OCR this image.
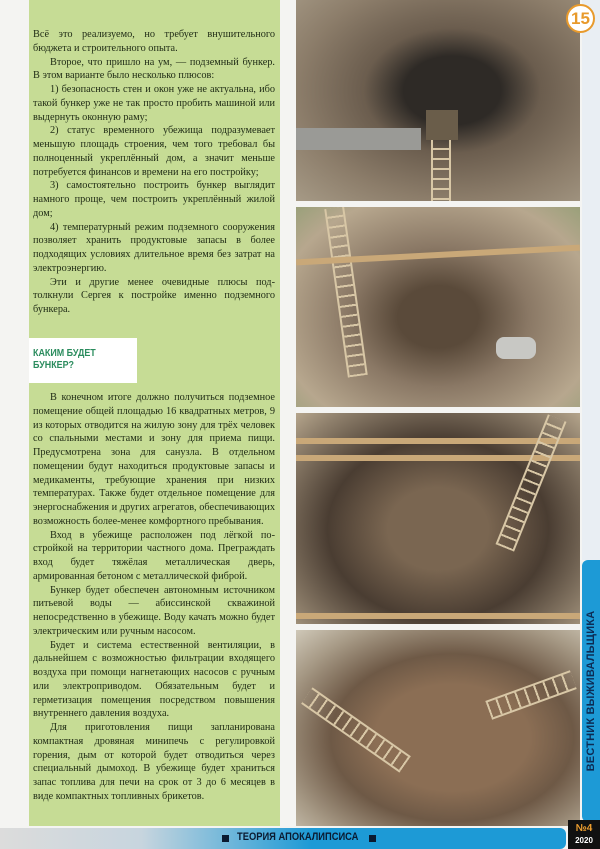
Всё это реализуемо, но требует внушительного бюджета и строительного опыта.

Второе, что пришло на ум, — подземный бункер. В этом варианте было несколько плюсов:

1) безопасность стен и окон уже не актуальна, ибо такой бункер уже не так просто пробить машиной или выдернуть оконную раму;

2) статус временного убежища подразумевает меньшую площадь строения, чем того требовал бы полноценный укреплённый дом, а значит меньше потребуется финансов и времени на его постройку;

3) самостоятельно построить бункер выглядит намного проще, чем построить укреплённый жилой дом;

4) температурный режим подземного сооружения позволяет хранить продуктовые запасы в более подходящих условиях длительное время без затрат на электроэнергию.

Эти и другие менее очевидные плюсы подтолкнули Сергея к постройке именно подземного бункера.

КАКИМ БУДЕТ
БУНКЕР?

В конечном итоге должно получиться подземное помещение общей площадью 16 квадратных метров, 9 из которых отводится на жилую зону для трёх человек со спальными местами и зону для приема пищи. Предусмотрена зона для санузла. В отдельном помещении будут находиться продуктовые запасы и медикаменты, требующие хранения при низких температурах. Также будет отдельное помещение для энергоснабжения и других агрегатов, обеспечивающих возможность более-менее комфортного пребывания.

Вход в убежище расположен под лёгкой постройкой на территории частного дома. Преграждать вход будет тяжёлая металлическая дверь, армированная бетоном с металлической фиброй.

Бункер будет обеспечен автономным источником питьевой воды — абиссинской скважиной непосредственно в убежище. Воду качать можно будет электрическим или ручным насосом.

Будет и система естественной вентиляции, в дальнейшем с возможностью фильтрации входящего воздуха при помощи нагнетающих насосов с ручным или электроприводом. Обязательным будет и герметизация помещения посредством повышения внутреннего давления воздуха.

Для приготовления пищи запланирована компактная дровяная минипечь с регулировкой горения, дым от которой будет отводиться через специальный дымоход. В убежище будет храниться запас топлива для печи на срок от 3 до 6 месяцев в виде компактных топливных брикетов.

15
ВЕСТНИК ВЫЖИВАЛЬЩИКА
ТЕОРИЯ АПОКАЛИПСИСА
№4
2020
